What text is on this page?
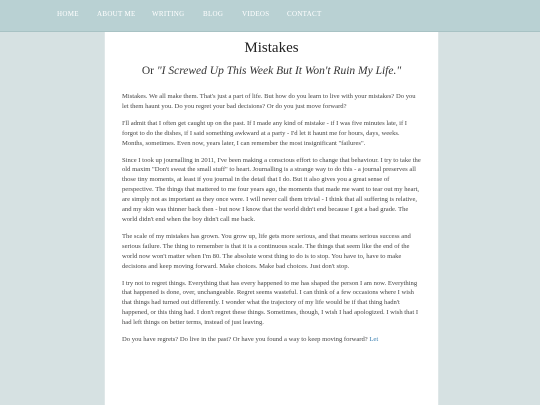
HOME	ABOUT ME WRITING	BLOG	VIDEOS	CONTACT
Mistakes
Or "I Screwed Up This Week But It Won't Ruin My Life."

Mistakes. We all make them. That's just a part of life. But how do you learn to live with your mistakes? Do you let them haunt you. Do you regret your bad decisions? Or do you just move forward?

I'll admit that I often get caught up on the past. If I made any kind of mistake - if I was five minutes late, if I forgot to do the dishes, if I said something awkward at a party - I'd let it haunt me for hours, days, weeks. Months, sometimes. Even now, years later, I can remember the most insignificant "failures".

Since I took up journalling in 2011, I've been making a conscious effort to change that behaviour. I try to take the old maxim "Don't sweat the small stuff" to heart. Journalling is a strange way to do this - a journal preserves all those tiny moments, at least if you journal in the detail that I do. But it also gives you a great sense of perspective. The things that mattered to me four years ago, the moments that made me want to tear out my heart, are simply not as important as they once were. I will never call them trivial - I think that all suffering is relative, and my skin was thinner back then - but now I know that the world didn't end because I got a bad grade. The world didn't end when the boy didn't call me back.

The scale of my mistakes has grown. You grow up, life gets more serious, and that means serious success and serious failure. The thing to remember is that it is a continuous scale. The things that seem like the end of the world now won't matter when I'm 80. The absolute worst thing to do is to stop. You have to, have to make decisions and keep moving forward. Make choices. Make bad choices. Just don't stop.

I try not to regret things. Everything that has every happened to me has shaped the person I am now. Everything that happened is done, over, unchangeable. Regret seems wasteful. I can think of a few occasions where I wish that things had turned out differently. I wonder what the trajectory of my life would be if that thing hadn't happened, or this thing had. I don't regret these things. Sometimes, though, I wish I had apologized. I wish that I had left things on better terms, instead of just leaving.

Do you have regrets? Do live in the past? Or have you found a way to keep moving forward? Let
